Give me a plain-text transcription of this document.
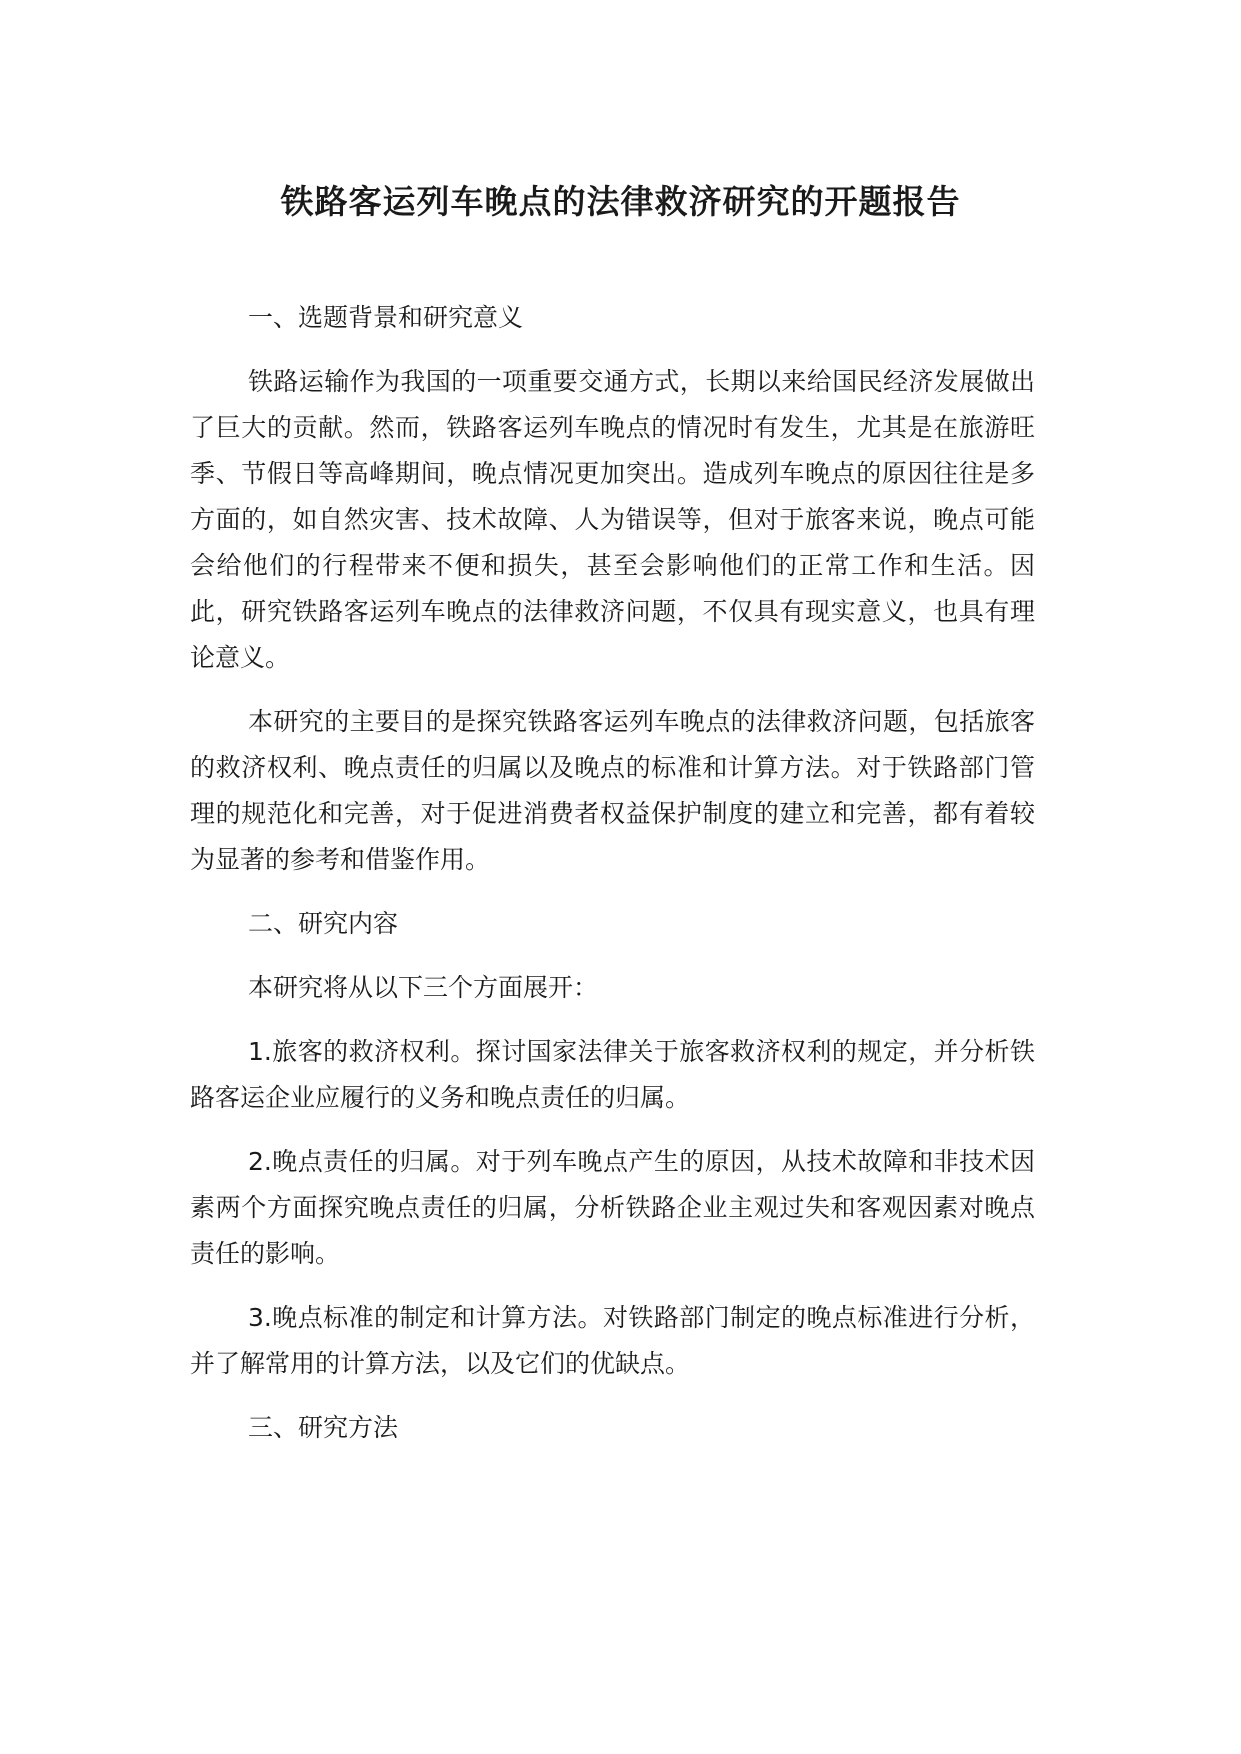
铁路客运列车晚点的法律救济研究的开题报告

一、选题背景和研究意义

铁路运输作为我国的一项重要交通方式，长期以来给国民经济发展做出了巨大的贡献。然而，铁路客运列车晚点的情况时有发生，尤其是在旅游旺季、节假日等高峰期间，晚点情况更加突出。造成列车晚点的原因往往是多方面的，如自然灾害、技术故障、人为错误等，但对于旅客来说，晚点可能会给他们的行程带来不便和损失，甚至会影响他们的正常工作和生活。因此，研究铁路客运列车晚点的法律救济问题，不仅具有现实意义，也具有理论意义。

本研究的主要目的是探究铁路客运列车晚点的法律救济问题，包括旅客的救济权利、晚点责任的归属以及晚点的标准和计算方法。对于铁路部门管理的规范化和完善，对于促进消费者权益保护制度的建立和完善，都有着较为显著的参考和借鉴作用。

二、研究内容

本研究将从以下三个方面展开：

1.旅客的救济权利。探讨国家法律关于旅客救济权利的规定，并分析铁路客运企业应履行的义务和晚点责任的归属。

2.晚点责任的归属。对于列车晚点产生的原因，从技术故障和非技术因素两个方面探究晚点责任的归属，分析铁路企业主观过失和客观因素对晚点责任的影响。

3.晚点标准的制定和计算方法。对铁路部门制定的晚点标准进行分析，并了解常用的计算方法，以及它们的优缺点。

三、研究方法
